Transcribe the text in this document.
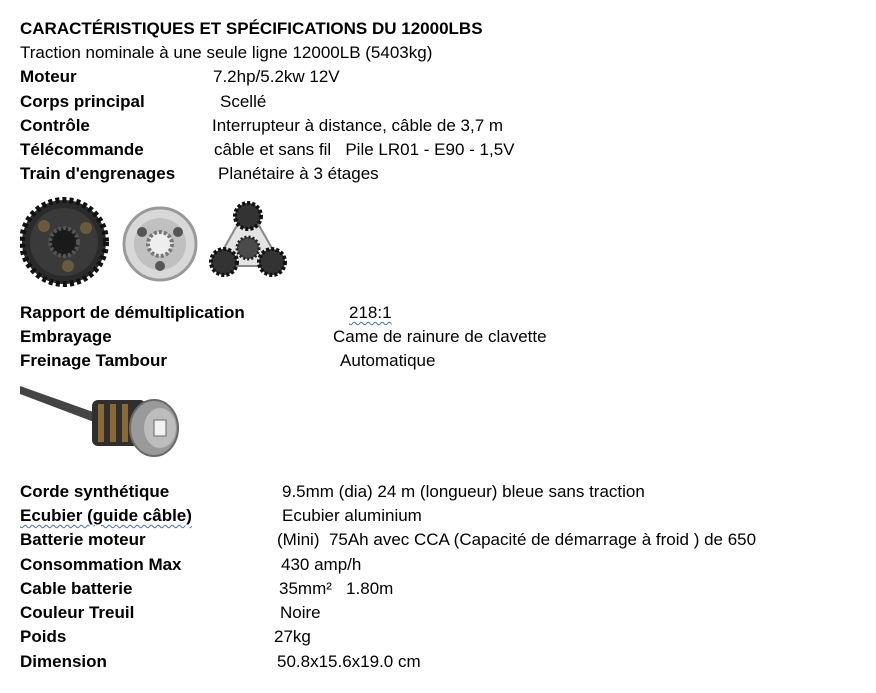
CARACTÉRISTIQUES ET SPÉCIFICATIONS DU 12000LBS
Traction nominale à une seule ligne 12000LB (5403kg)
Moteur	7.2hp/5.2kw 12V
Corps principal	Scellé
Contrôle	Interrupteur à distance, câble de 3,7 m
Télécommande	câble et sans fil   Pile LR01 - E90 - 1,5V
Train d'engrenages	Planétaire à 3 étages
Rapport de démultiplication	218:1
Embrayage	Came de rainure de clavette
Freinage Tambour	Automatique
Corde synthétique	9.5mm (dia) 24 m (longueur) bleue sans traction
Ecubier (guide câble)	Ecubier aluminium
Batterie moteur	(Mini)  75Ah avec CCA (Capacité de démarrage à froid ) de 650
Consommation Max	430 amp/h
Cable batterie	35mm²   1.80m
Couleur Treuil	Noire
Poids	27kg
Dimension	50.8x15.6x19.0 cm
